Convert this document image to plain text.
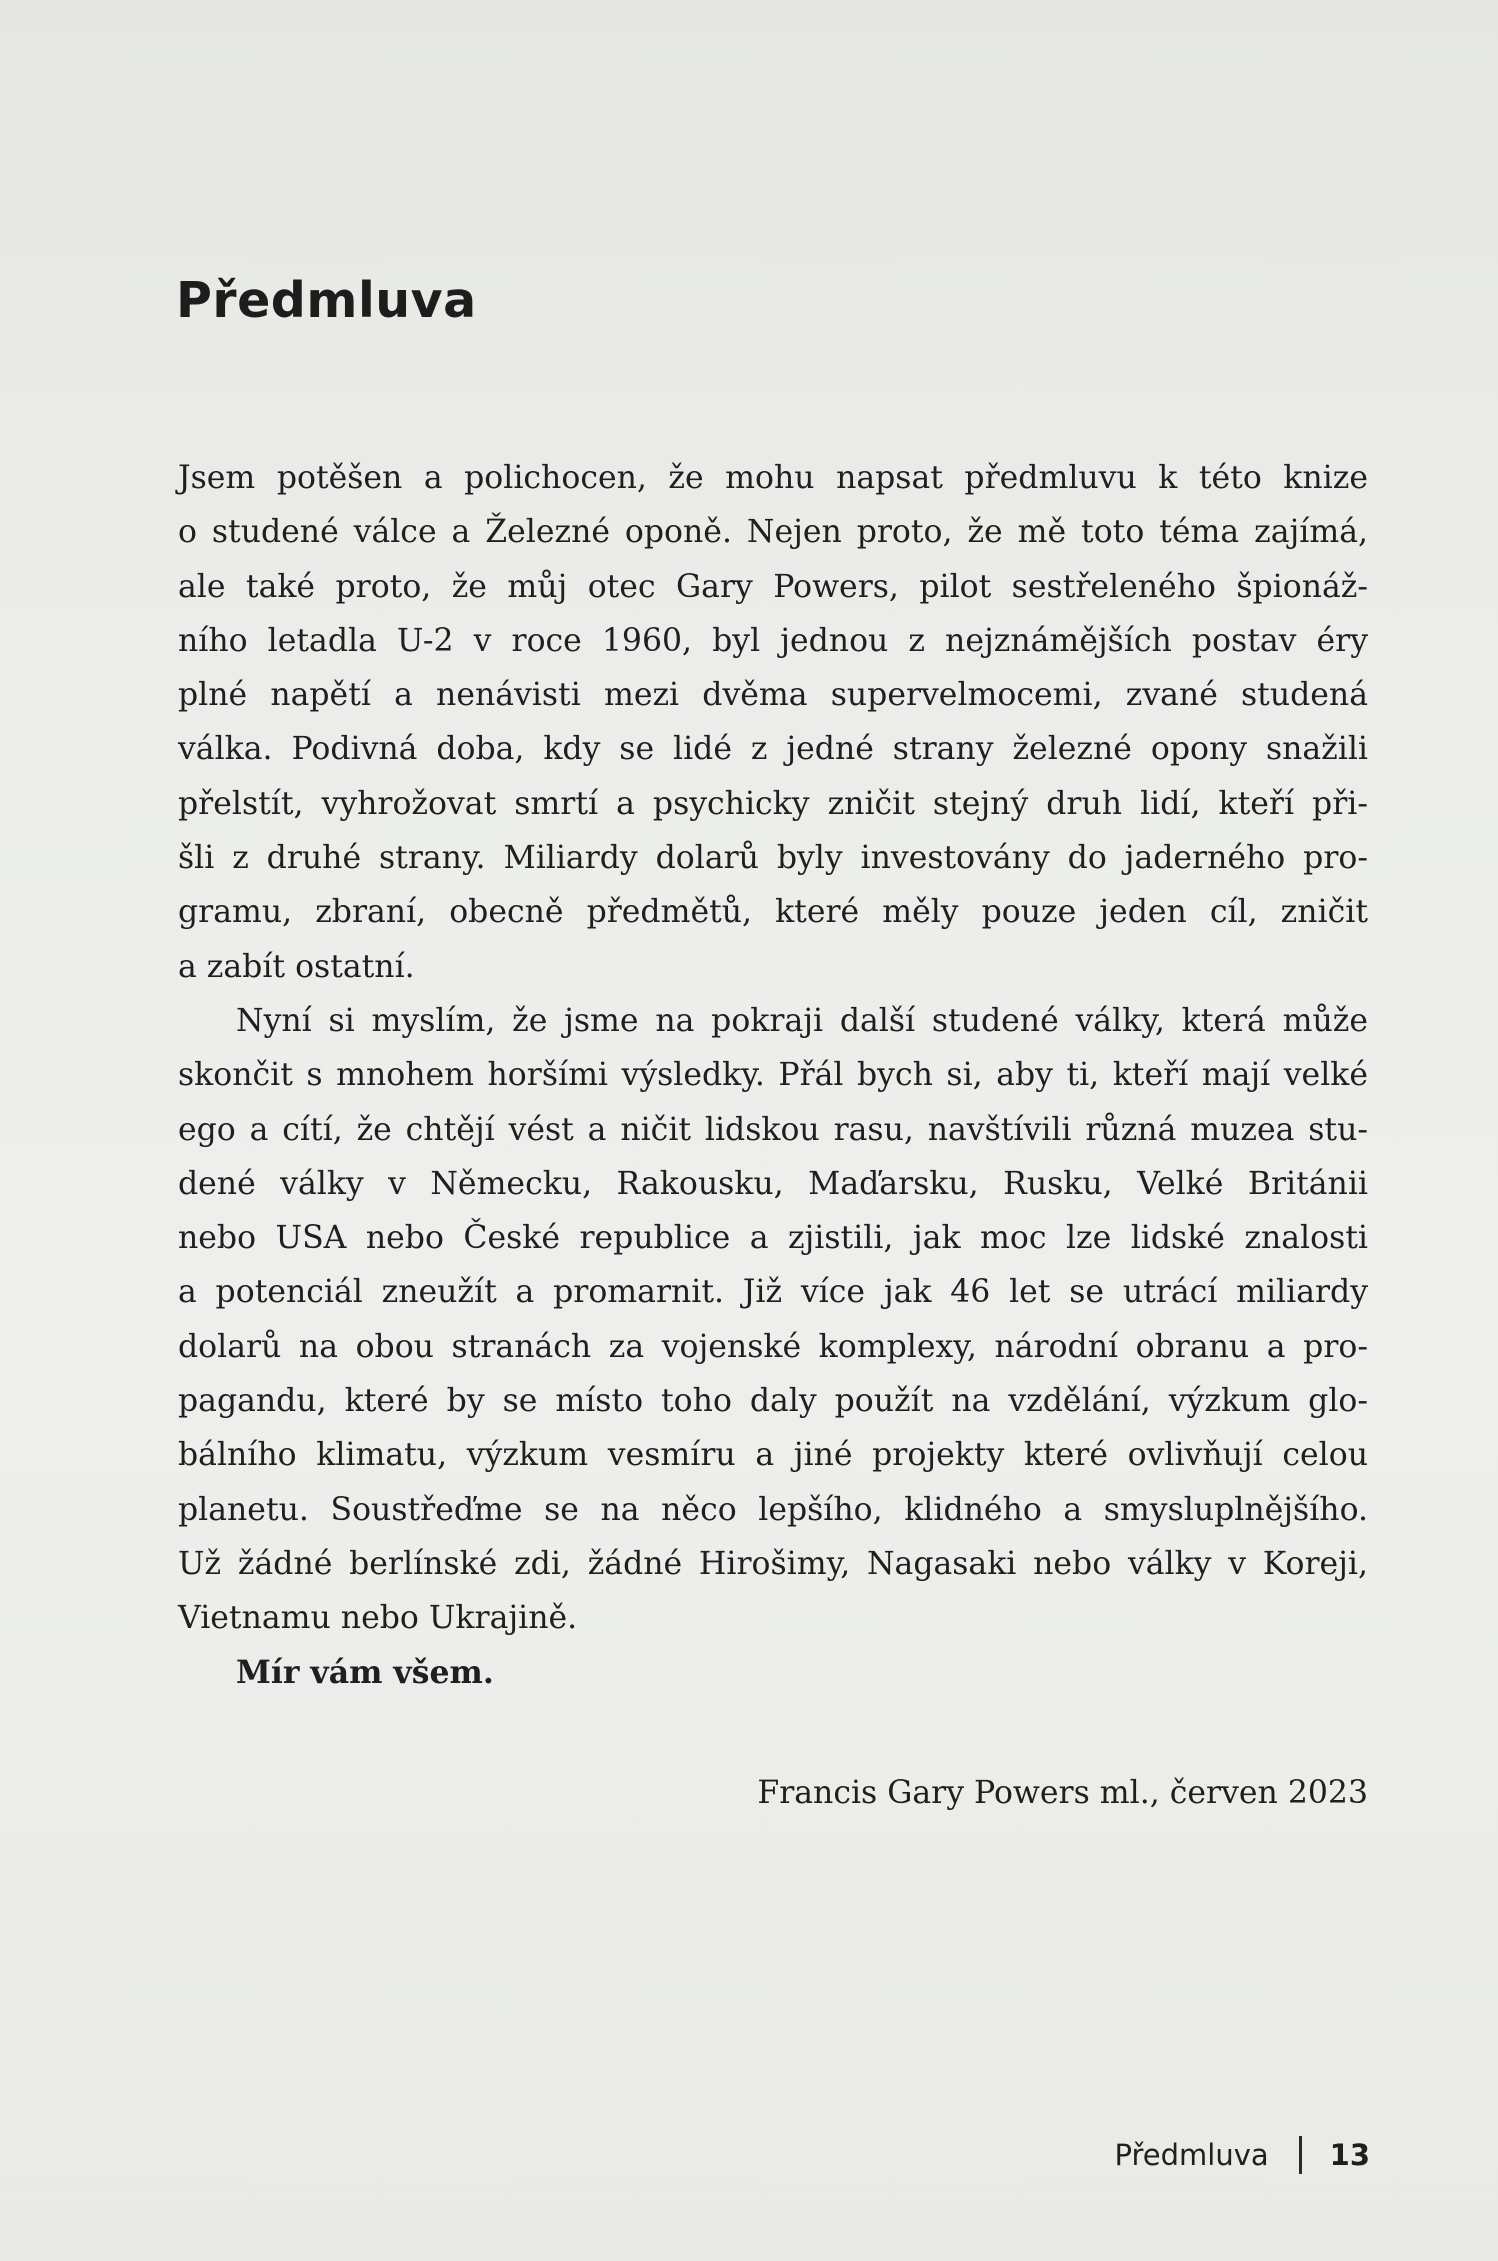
Předmluva
Jsem potěšen a polichocen, že mohu napsat předmluvu k této knize
o studené válce a Železné oponě. Nejen proto, že mě toto téma zajímá,
ale také proto, že můj otec Gary Powers, pilot sestřeleného špionáž-
ního letadla U-2 v roce 1960, byl jednou z nejznámějších postav éry
plné napětí a nenávisti mezi dvěma supervelmocemi, zvané studená
válka. Podivná doba, kdy se lidé z jedné strany železné opony snažili
přelstít, vyhrožovat smrtí a psychicky zničit stejný druh lidí, kteří při-
šli z druhé strany. Miliardy dolarů byly investovány do jaderného pro-
gramu, zbraní, obecně předmětů, které měly pouze jeden cíl, zničit
a zabít ostatní.
Nyní si myslím, že jsme na pokraji další studené války, která může
skončit s mnohem horšími výsledky. Přál bych si, aby ti, kteří mají velké
ego a cítí, že chtějí vést a ničit lidskou rasu, navštívili různá muzea stu-
dené války v Německu, Rakousku, Maďarsku, Rusku, Velké Británii
nebo USA nebo České republice a zjistili, jak moc lze lidské znalosti
a potenciál zneužít a promarnit. Již více jak 46 let se utrácí miliardy
dolarů na obou stranách za vojenské komplexy, národní obranu a pro-
pagandu, které by se místo toho daly použít na vzdělání, výzkum glo-
bálního klimatu, výzkum vesmíru a jiné projekty které ovlivňují celou
planetu. Soustřeďme se na něco lepšího, klidného a smysluplnějšího.
Už žádné berlínské zdi, žádné Hirošimy, Nagasaki nebo války v Koreji,
Vietnamu nebo Ukrajině.
Mír vám všem.
Francis Gary Powers ml., červen 2023
Předmluva 13
